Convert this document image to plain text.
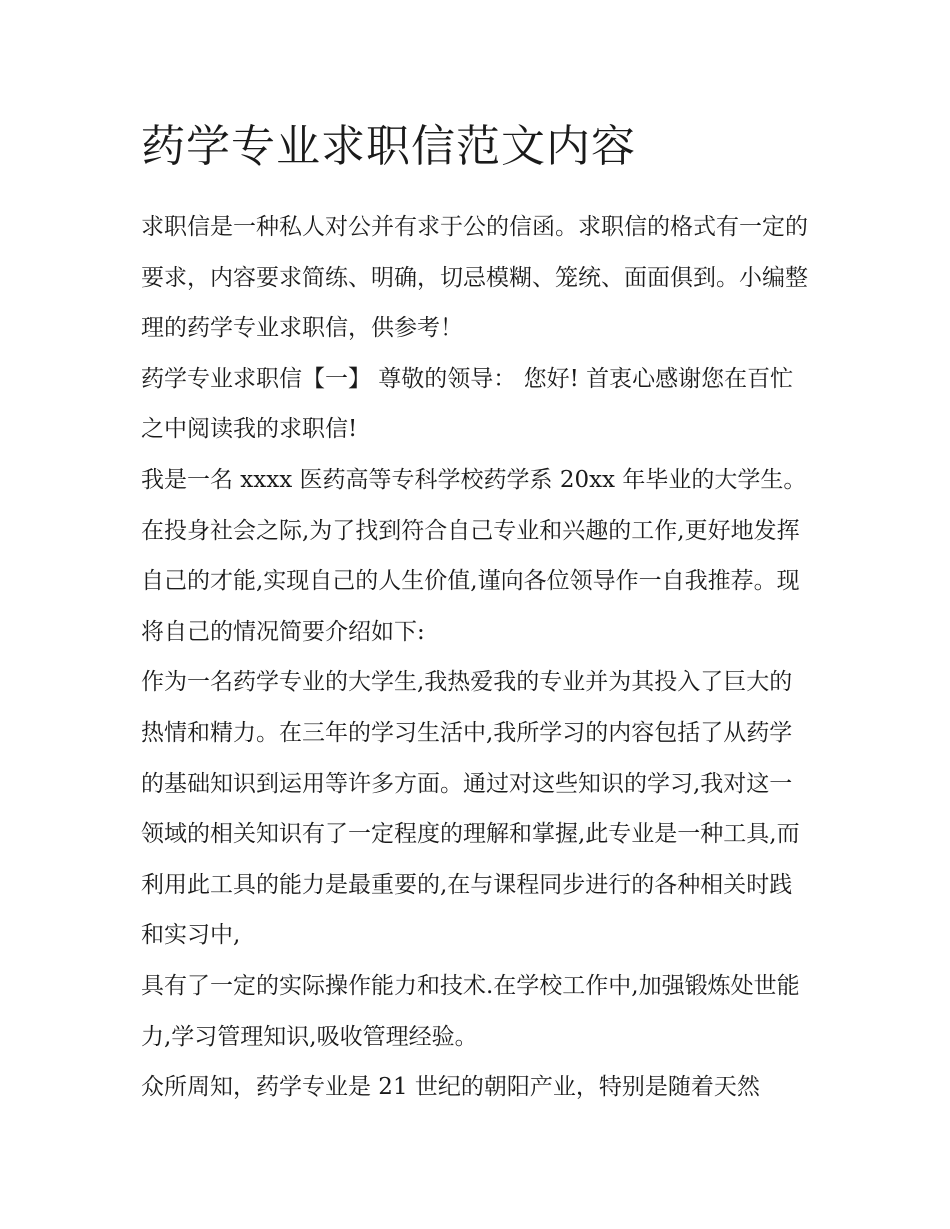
药学专业求职信范文内容

求职信是一种私人对公并有求于公的信函。求职信的格式有一定的要求，内容要求简练、明确，切忌模糊、笼统、面面俱到。小编整理的药学专业求职信，供参考！

药学专业求职信【一】 尊敬的领导： 您好! 首衷心感谢您在百忙之中阅读我的求职信!

我是一名 xxxx 医药高等专科学校药学系 20xx 年毕业的大学生。在投身社会之际,为了找到符合自己专业和兴趣的工作,更好地发挥自己的才能,实现自己的人生价值,谨向各位领导作一自我推荐。现将自己的情况简要介绍如下:

作为一名药学专业的大学生,我热爱我的专业并为其投入了巨大的热情和精力。在三年的学习生活中,我所学习的内容包括了从药学的基础知识到运用等许多方面。通过对这些知识的学习,我对这一领域的相关知识有了一定程度的理解和掌握,此专业是一种工具,而利用此工具的能力是最重要的,在与课程同步进行的各种相关时践和实习中,

具有了一定的实际操作能力和技术.在学校工作中,加强锻炼处世能力,学习管理知识,吸收管理经验。

众所周知，药学专业是 21 世纪的朝阳产业，特别是随着天然
